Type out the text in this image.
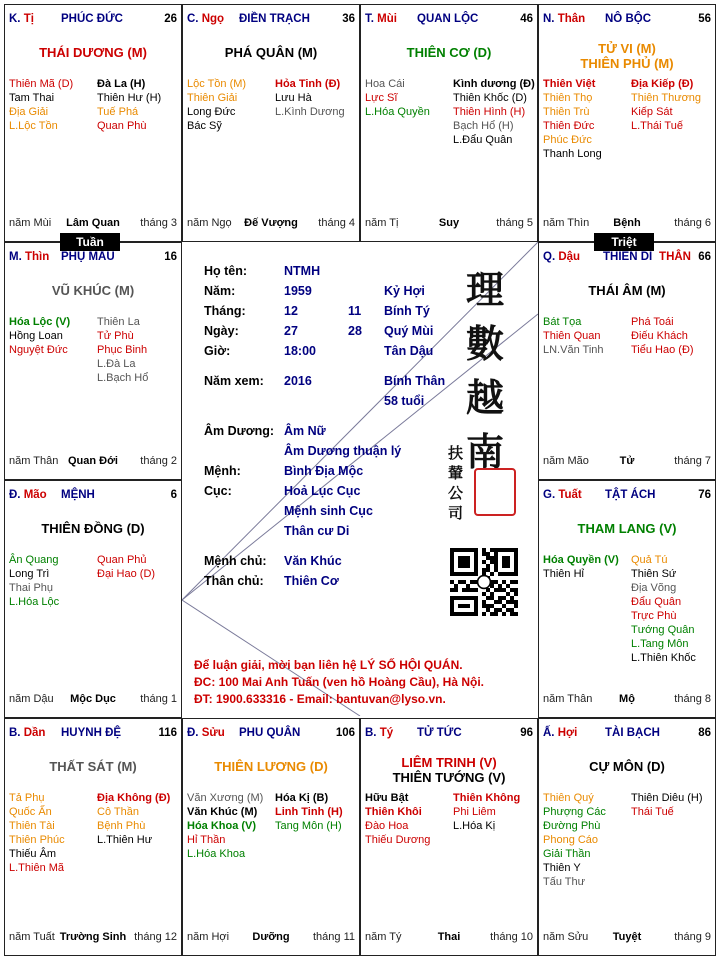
K. Tị PHÚC ĐỨC	26
THÁI DƯƠNG (M)
Thiên Mã (D)
Tam Thai
Địa Giải
L.Lộc Tồn
Đà La (H)
Thiên Hư (H)
Tuế Phá
Quan Phù
năm Mùi	Lâm Quan	tháng 3
C. Ngọ ĐIỀN TRẠCH	36
PHÁ QUÂN (M)
Lộc Tồn (M)
Thiên Giải
Long Đức
Bác Sỹ
Hỏa Tinh (Đ)
Lưu Hà
L.Kình Dương
năm Ngọ	Đế Vượng	tháng 4
T. Mùi QUAN LỘC	46
THIÊN CƠ (D)
Hoa Cái
Lực Sĩ
L.Hóa Quyền
Kình dương (Đ)
Thiên Khốc (D)
Thiên Hình (H)
Bạch Hổ (H)
L.Đẩu Quân
năm Tị	Suy	tháng 5
N. Thân NÔ BỘC	56
TỬ VI (M)
THIÊN PHỦ (M)
Thiên Việt
Thiên Thọ
Thiên Trù
Thiên Đức
Phúc Đức
Thanh Long
Địa Kiếp (Đ)
Thiên Thương
Kiếp Sát
L.Thái Tuế
năm Thìn	Bệnh	tháng 6
M. Thìn PHỤ MẪU	16
VŨ KHÚC (M)
Hóa Lộc (V)
Hồng Loan
Nguyệt Đức
Thiên La
Tử Phù
Phục Binh
L.Đà La
L.Bạch Hổ
năm Thân Quan Đới	tháng 2
Q. Dậu THIÊN DI THÂN 66
THÁI ÂM (M)
Bát Tọa
Thiên Quan
LN.Văn Tinh
Phá Toái
Điếu Khách
Tiểu Hao (Đ)
năm Mão	Tử	tháng 7
Đ. Mão MỆNH	6
THIÊN ĐỒNG (D)
Ân Quang
Long Trì
Thai Phụ
L.Hóa Lộc
Quan Phủ
Đại Hao (D)
năm Dậu	Mộc Dục	tháng 1
G. Tuất TẬT ÁCH	76
THAM LANG (V)
Hóa Quyền (V)
Thiên Hỉ
Quả Tú
Thiên Sứ
Địa Võng
Đẩu Quân
Trực Phù
Tướng Quân
L.Tang Môn
L.Thiên Khốc
năm Thân	Mộ	tháng 8
B. Dần HUYNH ĐỆ	116
THẤT SÁT (M)
Tả Phụ
Quốc Ấn
Thiên Tài
Thiên Phúc
Thiếu Âm
L.Thiên Mã
Địa Không (Đ)
Cô Thần
Bệnh Phù
L.Thiên Hư
năm Tuất Trường Sinh tháng 12
Đ. Sửu PHU QUÂN	106
THIÊN LƯƠNG (D)
Văn Xương (M)
Văn Khúc (M)
Hóa Khoa (V)
Hỉ Thần
L.Hóa Khoa
Hóa Kị (B)
Linh Tinh (H)
Tang Môn (H)
năm Hợi	Dưỡng	tháng 11
B. Tý TỬ TỨC	96
LIÊM TRINH (V)
THIÊN TƯỚNG (V)
Hữu Bật
Thiên Khôi
Đào Hoa
Thiếu Dương
Thiên Không
Phi Liêm
L.Hóa Kị
năm Tý	Thai	tháng 10
Ấ. Hợi TÀI BẠCH	86
CỰ MÔN (D)
Thiên Quý
Phượng Các
Đường Phù
Phong Cáo
Giải Thần
Thiên Y
Tấu Thư
Thiên Diêu (H)
Thái Tuế
năm Sửu	Tuyệt	tháng 9
Tuần	Triệt
Họ tên:	NTMH
Năm:	1959	Kỷ Hợi
Tháng:	12	11 Bính Tý
Ngày:	27	28 Quý Mùi
Giờ:	18:00	Tân Dậu
Năm xem: 2016	Bính Thân
58 tuổi
Âm Dương: Âm Nữ
Âm Dương thuận lý
Mệnh:	Bình Địa Mộc
Cục:	Hoả Lục Cục
Mệnh sinh Cục
Thân cư Di
Mệnh chủ: Văn Khúc
Thân chủ: Thiên Cơ
理
數
越
南
扶
輦
公
司
Để luận giải, mời bạn liên hệ LÝ SỐ HỘI QUÁN.
ĐC: 100 Mai Anh Tuấn (ven hồ Hoàng Cầu), Hà Nội.
ĐT: 1900.633316 - Email: bantuvan@lyso.vn.
